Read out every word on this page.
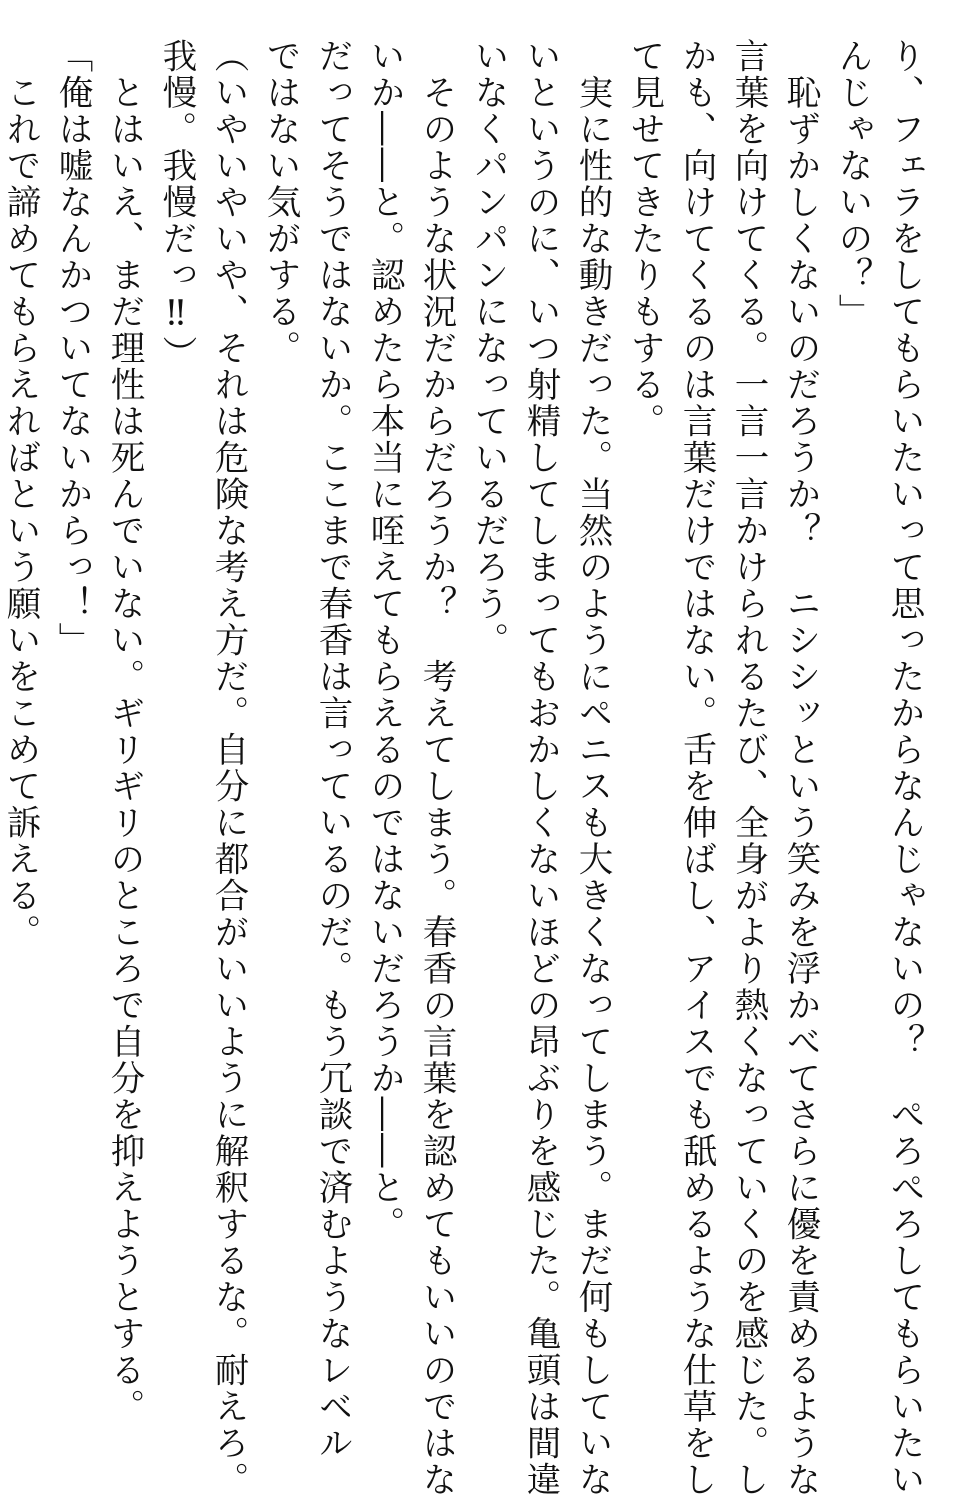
り、フェラをしてもらいたいって思ったからなんじゃないの？　ぺろぺろしてもらいたい
んじゃないの？」
　恥ずかしくないのだろうか？　ニシシッという笑みを浮かべてさらに優を責めるような
言葉を向けてくる。一言一言かけられるたび、全身がより熱くなっていくのを感じた。し
かも、向けてくるのは言葉だけではない。舌を伸ばし、アイスでも舐めるような仕草をし
て見せてきたりもする。
　実に性的な動きだった。当然のようにペニスも大きくなってしまう。まだ何もしていな
いというのに、いつ射精してしまってもおかしくないほどの昂ぶりを感じた。亀頭は間違
いなくパンパンになっているだろう。
　そのような状況だからだろうか？　考えてしまう。春香の言葉を認めてもいいのではな
いか――と。認めたら本当に咥えてもらえるのではないだろうか――と。
だってそうではないか。ここまで春香は言っているのだ。もう冗談で済むようなレベル
ではない気がする。
（いやいやいや、それは危険な考え方だ。自分に都合がいいように解釈するな。耐えろ。
我慢。我慢だっ‼）
　とはいえ、まだ理性は死んでいない。ギリギリのところで自分を抑えようとする。
「俺は嘘なんかついてないからっ！」
　これで諦めてもらえればという願いをこめて訴える。
